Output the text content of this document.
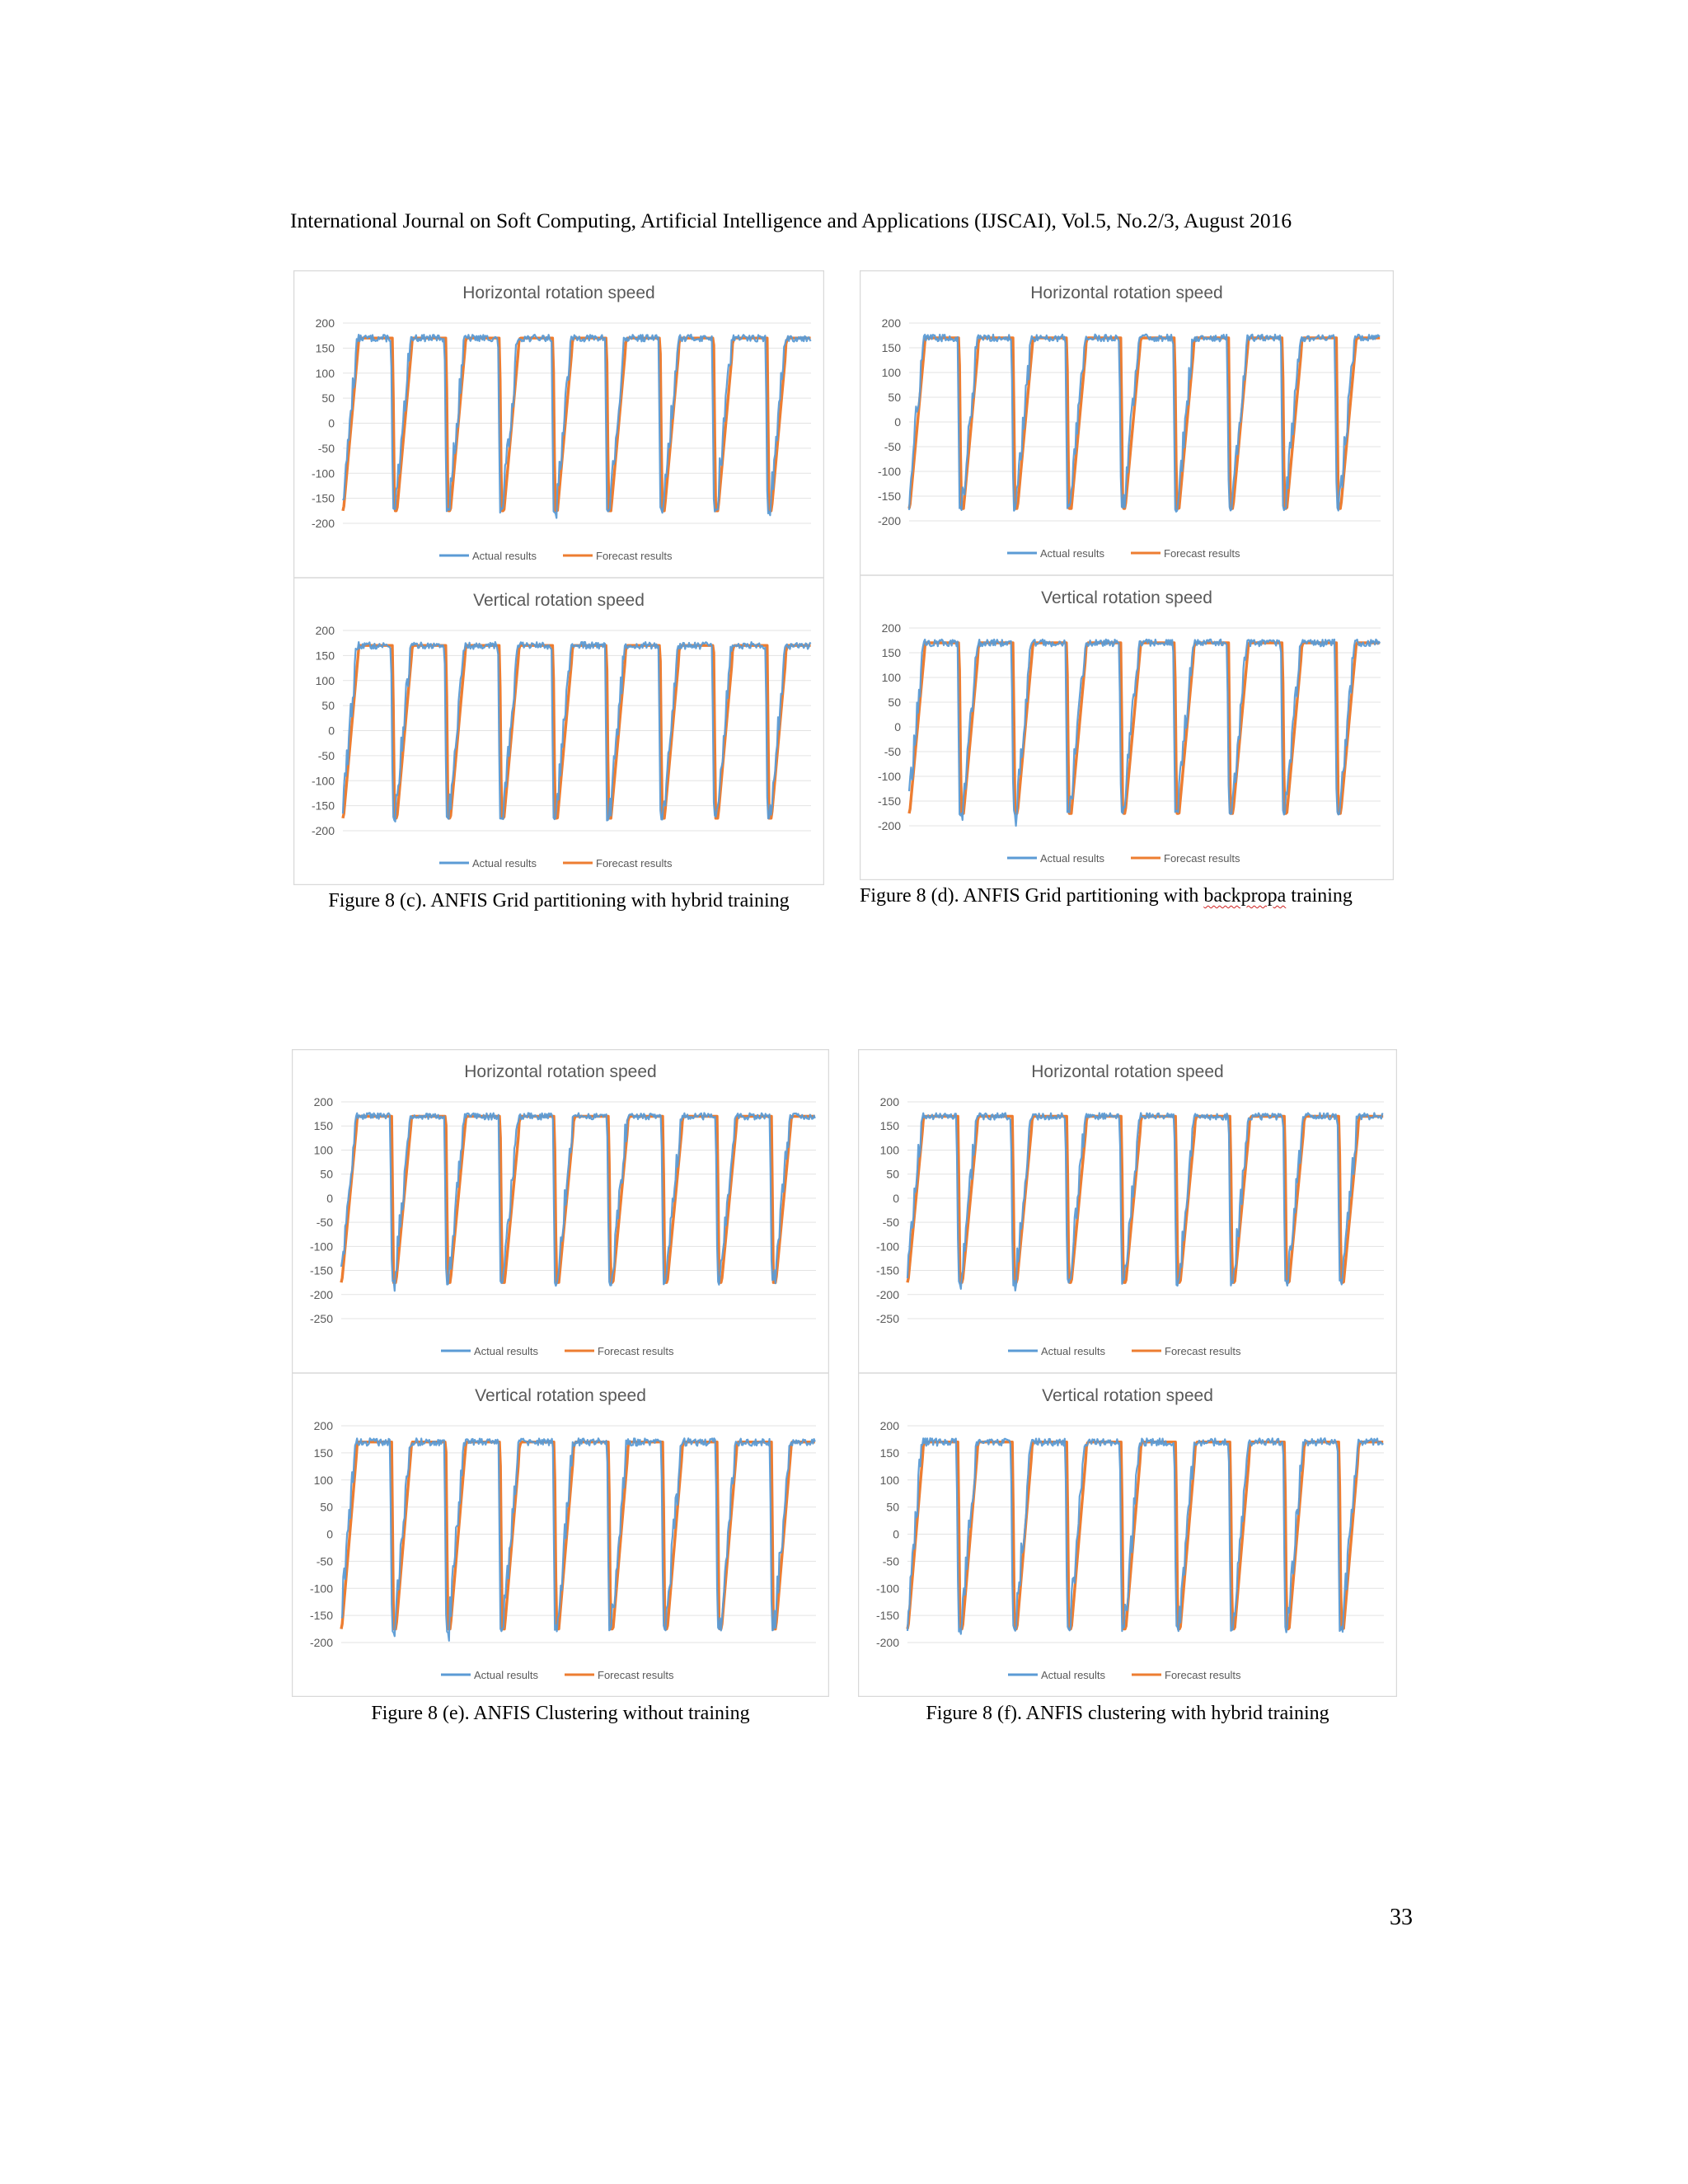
International Journal on Soft Computing, Artificial Intelligence and Applications (IJSCAI), Vol.5, No.2/3, August 2016
Horizontal rotation speed
200
150
100
50
0
-50
-100
-150
-200
Actual results	Forecast results
Vertical rotation speed
200
150
100
50
0
-50
-100
-150
-200
Actual results	Forecast results
Figure 8 (c). ANFIS Grid partitioning with hybrid training
Horizontal rotation speed
200
150
100
50
0
-50
-100
-150
-200
Actual results	Forecast results
Vertical rotation speed
200
150
100
50
0
-50
-100
-150
-200
Actual results	Forecast results
Figure 8 (d). ANFIS Grid partitioning with backpropa training
Horizontal rotation speed
200
150
100
50
0
-50
-100
-150
-200
-250
Actual results	Forecast results
Vertical rotation speed
200
150
100
50
0
-50
-100
-150
-200
Actual results	Forecast results
Figure 8 (e). ANFIS Clustering without training
Horizontal rotation speed
200
150
100
50
0
-50
-100
-150
-200
-250
Actual results	Forecast results
Vertical rotation speed
200
150
100
50
0
-50
-100
-150
-200
Actual results	Forecast results
Figure 8 (f). ANFIS clustering with hybrid training
33
